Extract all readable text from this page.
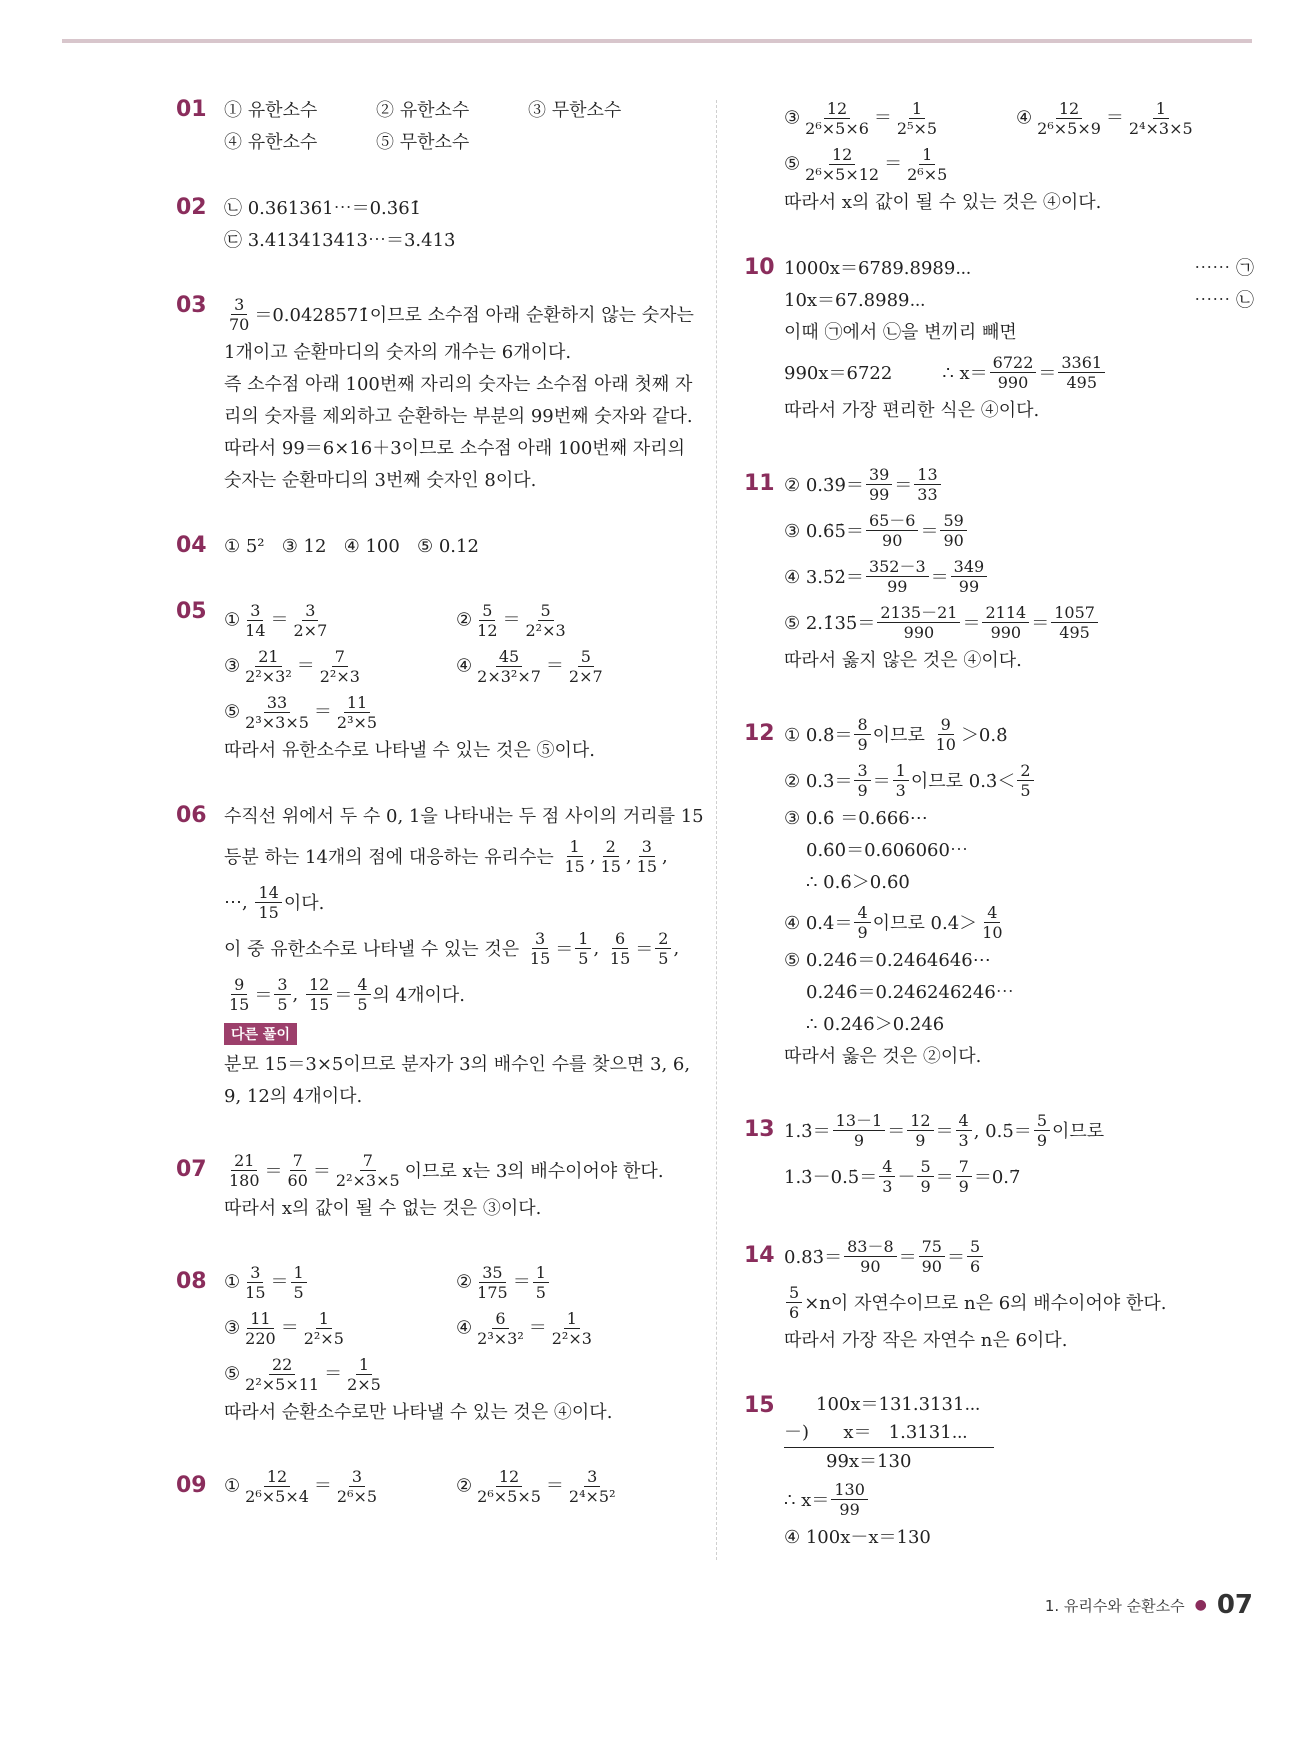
01 ① 유한소수	② 유한소수	③ 무한소수
④ 유한소수	⑤ 무한소수
02 ㉡ 0.361361⋯＝0.3̇61̇
㉢ 3.413413413⋯＝3.4̇13̇
$03 \frac{3}{70}$ ＝0.04̇28571̇이므로 소수점 아래 순환하지 않는 숫자는
1개이고 순환마디의 숫자의 개수는 6개이다.
즉 소수점 아래 100번째 자리의 숫자는 소수점 아래 첫째 자
리의 숫자를 제외하고 순환하는 부분의 99번째 숫자와 같다.
따라서 99＝6×16＋3이므로 소수점 아래 100번째 자리의
숫자는 순환마디의 3번째 숫자인 8이다.
04 ① 5²   ③ 12   ④ 100   ⑤ 0.12
05 ① $\frac{3}{14} = \frac{3}{2\times 7}$	② $\frac{5}{12} = \frac{5}{\text{2²×3}}$
③ $\frac{21}{\text{2²×3²}} = \frac{7}{\text{2²×3}}$	④ $\frac{45}{\text{2×3²×7}} = \frac{5}{2\times 7}$
⑤ $\frac{33}{\text{2³×3×5}} = \frac{11}{\text{2³×5}}$
따라서 유한소수로 나타낼 수 있는 것은 ⑤이다.
06 수직선 위에서 두 수 0, 1을 나타내는 두 점 사이의 거리를 15
등분 하는 14개의 점에 대응하는 유리수는
$\frac{1}{15}$ , $\frac{2}{15}$ , $\frac{3}{15}$ ,
⋯,
$\frac{14}{15}$ 이다.
이 중 유한소수로 나타낼 수 있는 것은
$\frac{3}{15} = \frac{1}{5}$ , $\frac{6}{15} = \frac{2}{5}$ ,
$\frac{9}{15} = \frac{3}{5}$ , $\frac{12}{15} = \frac{4}{5}$ 의 4개이다.
다른 풀이
분모 15＝3×5이므로 분자가 3의 배수인 수를 찾으면 3, 6,
9, 12의 4개이다.
$07 \frac{21}{180} = \frac{7}{60} = \frac{7}{\text{2²×3×5}}$ 이므로 x는 3의 배수이어야 한다.
따라서 x의 값이 될 수 없는 것은 ③이다.
08 ① $\frac{3}{15} = \frac{1}{5}$	② $\frac{35}{175} = \frac{1}{5}$
③ $\frac{11}{220} = \frac{1}{\text{2²×5}}$	④ $\frac{6}{\text{2³×3²}} = \frac{1}{\text{2²×3}}$
⑤ $\frac{22}{\text{2²×5×11}} = \frac{1}{2\times 5}$
따라서 순환소수로만 나타낼 수 있는 것은 ④이다.
09 ① $\frac{12}{\text{2⁶×5×4}} = \frac{3}{\text{2⁶×5}}$	② $\frac{12}{\text{2⁶×5×5}} = \frac{3}{\text{2⁴×5²}}$
③ $\frac{12}{\text{2⁶×5×6}} = \frac{1}{\text{2⁵×5}}$	④ $\frac{12}{\text{2⁶×5×9}} = \frac{1}{\text{2⁴×3×5}}$
⑤ $\frac{12}{\text{2⁶×5×12}} = \frac{1}{\text{2⁶×5}}$
따라서 x의 값이 될 수 있는 것은 ④이다.
10 1000x＝6789.8989⋯	⋯⋯ ㉠
10x＝67.8989⋯	⋯⋯ ㉡
이때 ㉠에서 ㉡을 변끼리 빼면
990x＝6722	∴ $x= \frac{6722}{990} = \frac{3361}{495}$
따라서 가장 편리한 식은 ④이다.
11 ② 0.3̇9̇＝ $\frac{39}{99} = \frac{13}{33}$
③ 0.6̇5̇＝ $\frac{65-6}{90} = \frac{59}{90}$
④ 3.5̇2̇＝ $\frac{352-3}{99} = \frac{349}{99}$
⑤ 2.1̇35̇＝ $\frac{2135-21}{990} = \frac{2114}{990} = \frac{1057}{495}$
따라서 옳지 않은 것은 ④이다.
12 ① 0.8̇＝ $\frac{8}{9}$ 이므로
$\frac{9}{10}$ ＞0.8̇
② 0.3̇＝ $\frac{3}{9} = \frac{1}{3}$ 이므로 0.3̇＜ $\frac{2}{5}$
③ 0.6̇ ＝0.666⋯
0.6̇0̇＝0.606060⋯
∴ 0.6̇＞0.6̇0̇
④ 0.4̇＝ $\frac{4}{9}$ 이므로 0.4̇＞ $\frac{4}{10}$
⑤ 0.24̇6̇＝0.2464646⋯
0.2̇46̇＝0.246246246⋯
∴ 0.24̇6̇＞0.2̇46̇
따라서 옳은 것은 ②이다.
13 1.3̇＝ $\frac{13-1}{9} = \frac{12}{9} = \frac{4}{3}$ , 0.5̇＝ $\frac{5}{9}$ 이므로
1.3̇－0.5̇＝ $\frac{4}{3} - \frac{5}{9} = \frac{7}{9}$ ＝0.7̇
14 0.83̇＝ $\frac{83-8}{90} = \frac{75}{90} = \frac{5}{6}$
$\frac{5}{6} \times n$이 자연수이므로 n은 6의 배수이어야 한다.
따라서 가장 작은 자연수 n은 6이다.
15	100x＝131.3131⋯
－)      x＝   1.3131⋯
99x＝130
∴ $x= \frac{130}{99}$
④ 100x－x＝130
1. 유리수와 순환소수 ● 07
